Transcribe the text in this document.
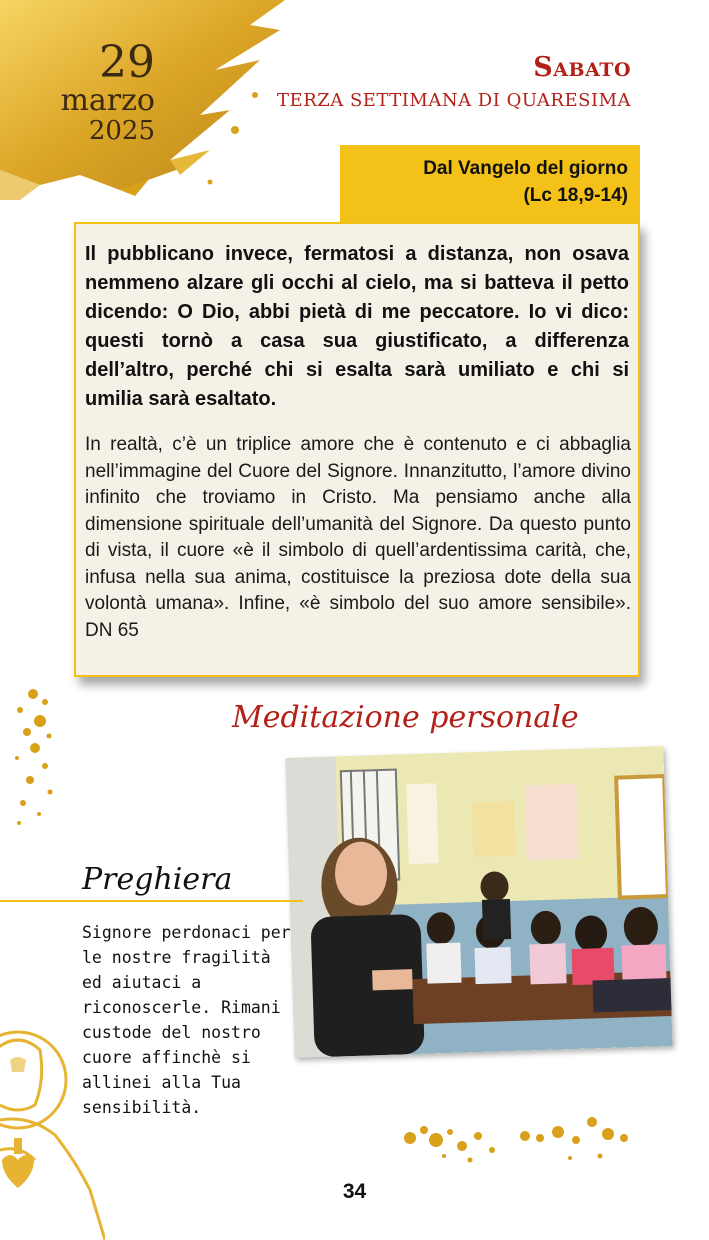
29
marzo
2025
Sabato
TERZA SETTIMANA DI QUARESIMA
Dal Vangelo del giorno
(Lc 18,9-14)

Il pubblicano invece, fermatosi a distanza, non osava nemmeno alzare gli occhi al cielo, ma si batteva il petto dicendo: O Dio, abbi pietà di me peccatore. Io vi dico: questi tornò a casa sua giustificato, a differenza dell’altro, perché chi si esalta sarà umiliato e chi si umilia sarà esaltato.

In realtà, c’è un triplice amore che è contenuto e ci abbaglia nell’immagine del Cuore del Signore. Innanzitutto, l’amore divino infinito che troviamo in Cristo. Ma pensiamo anche alla dimensione spirituale dell’umanità del Signore. Da questo punto di vista, il cuore «è il simbolo di quell’ardentissima carità, che, infusa nella sua anima, costituisce la preziosa dote della sua volontà umana». Infine, «è simbolo del suo amore sensibile». DN 65

Meditazione personale
Preghiera

Signore perdonaci per le nostre fragilità ed aiutaci a riconoscerle. Rimani custode del nostro cuore affinchè si allinei alla Tua sensibilità.

34
